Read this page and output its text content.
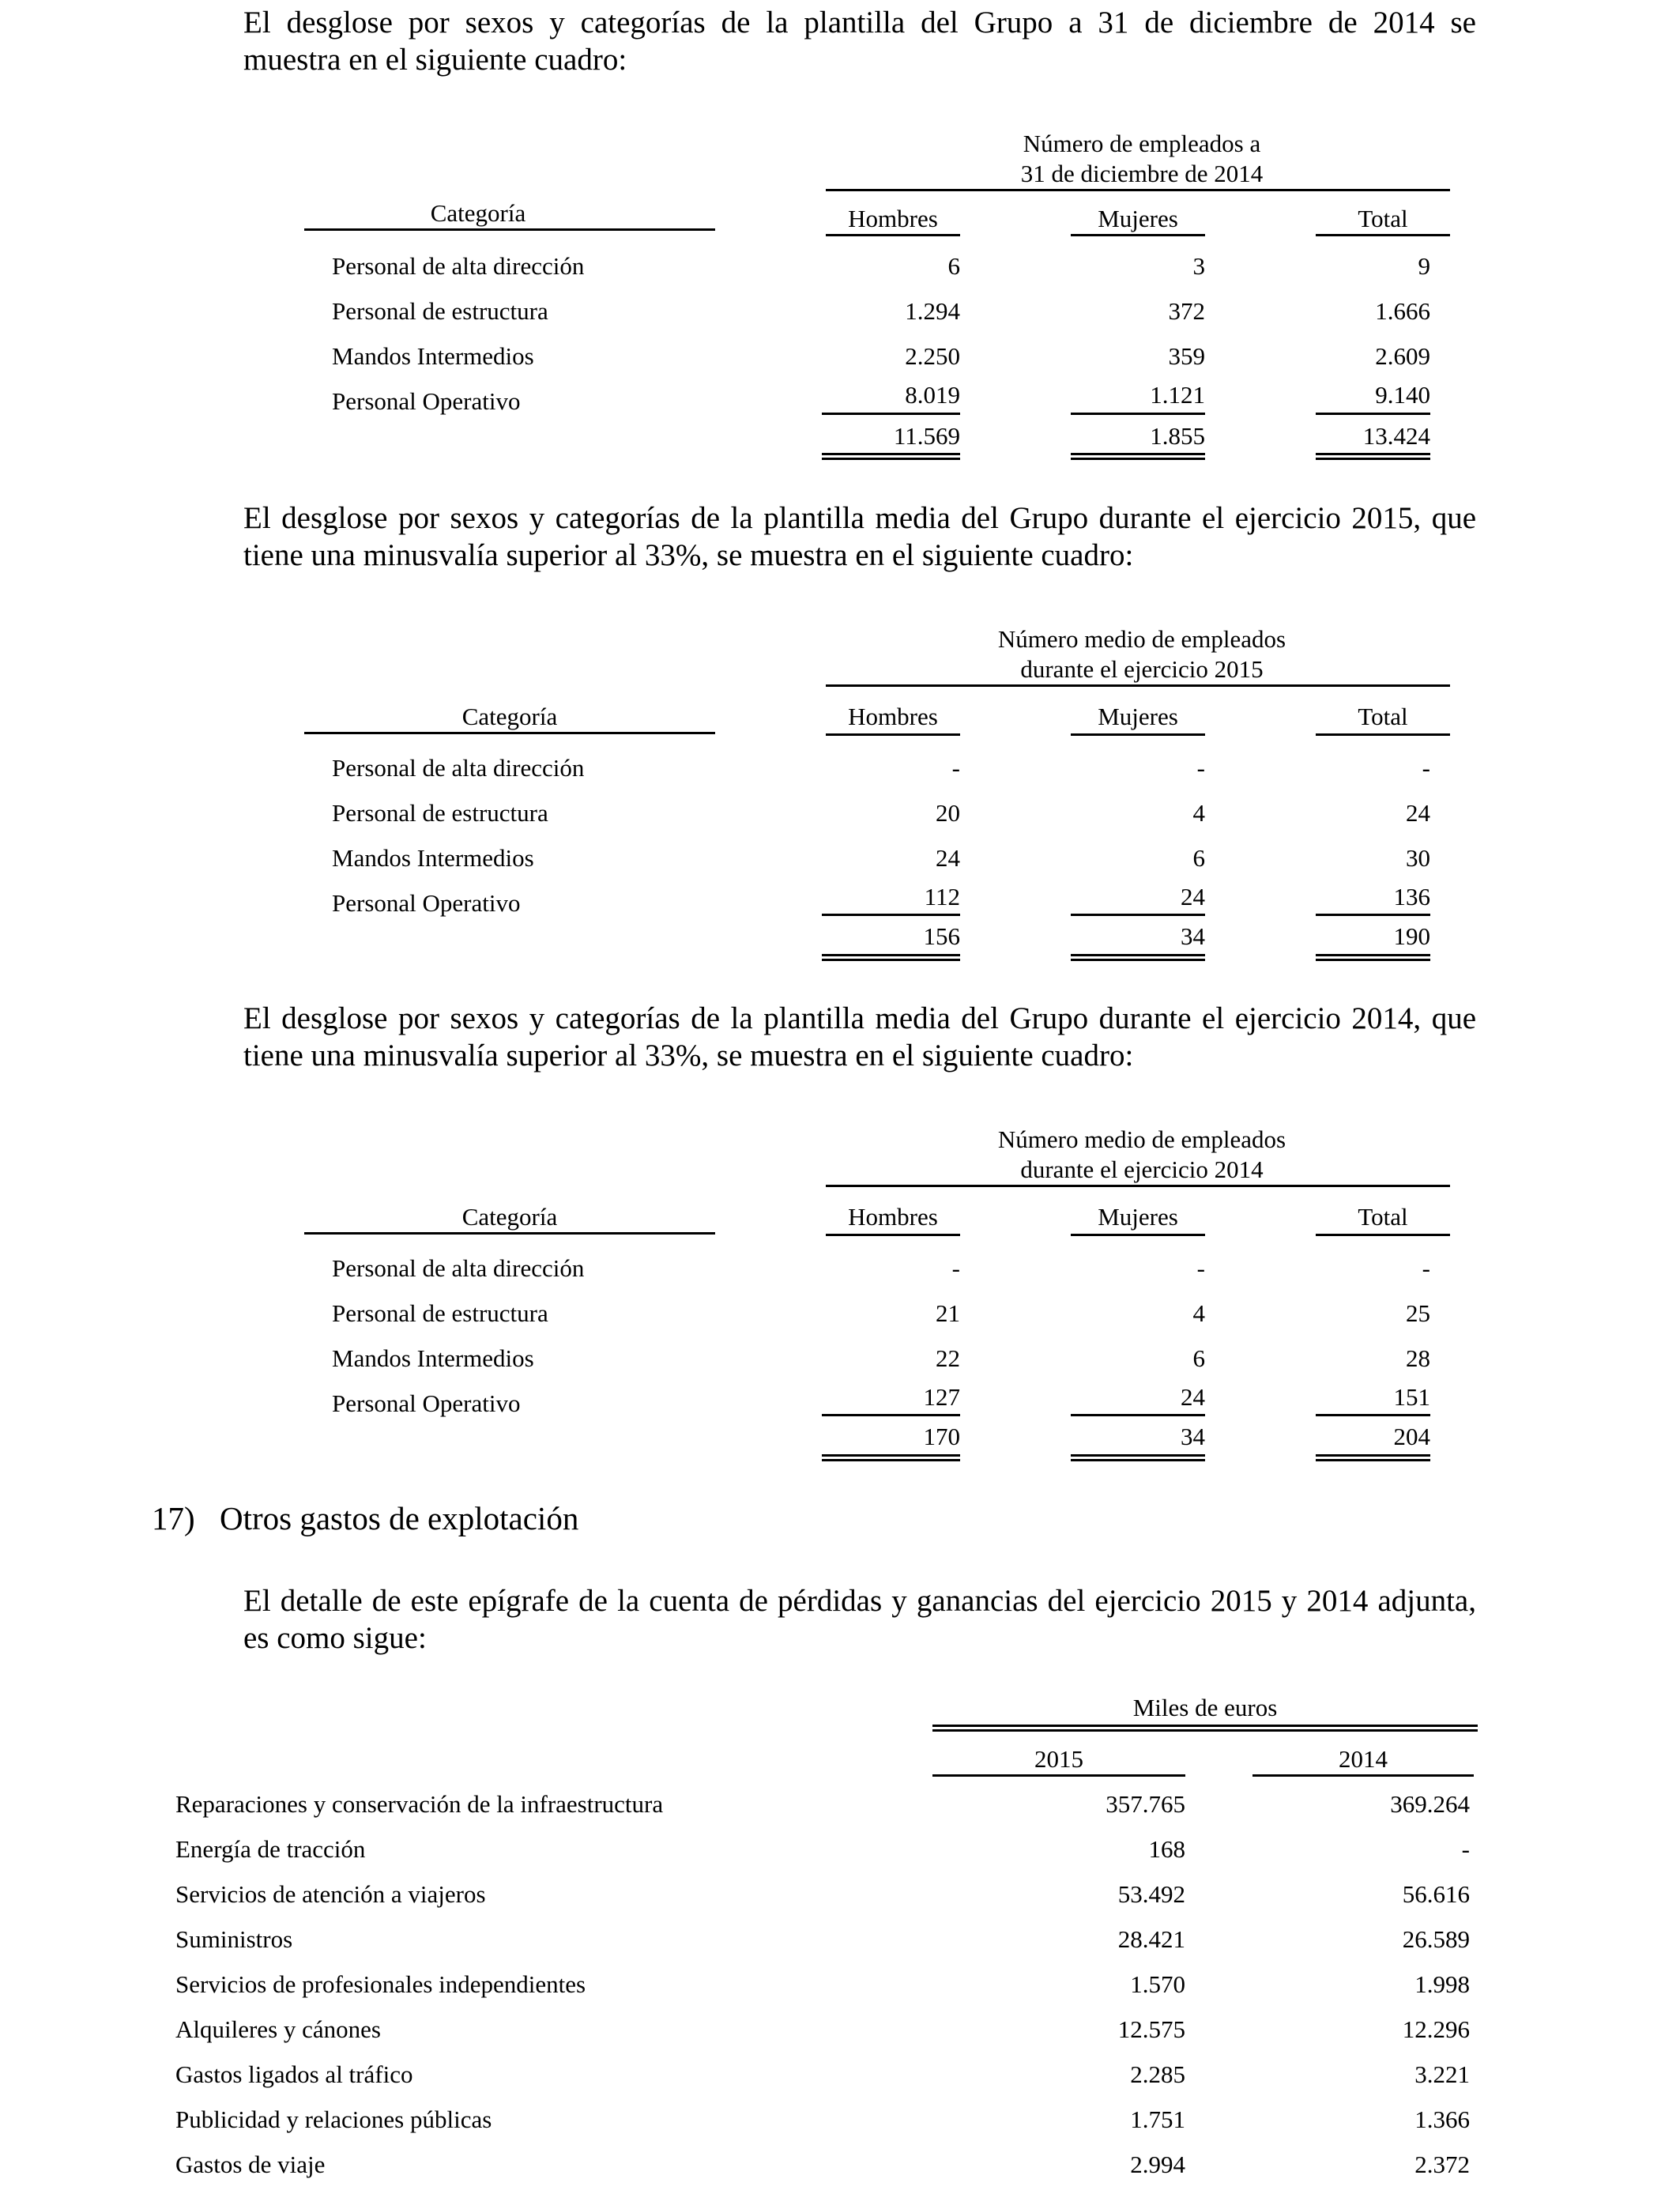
El desglose por sexos y categorías de la plantilla del Grupo a 31 de diciembre de 2014 se
muestra en el siguiente cuadro:
Número de empleados a
31 de diciembre de 2014
Categoría	Hombres	Mujeres	Total
Personal de alta dirección	6	3	9
Personal de estructura	1.294	372	1.666
Mandos Intermedios	2.250	359	2.609
Personal Operativo	8.019	1.121	9.140
11.569	1.855	13.424
El desglose por sexos y categorías de la plantilla media del Grupo durante el ejercicio 2015, que
tiene una minusvalía superior al 33%, se muestra en el siguiente cuadro:
Número medio de empleados
durante el ejercicio 2015
Categoría	Hombres	Mujeres	Total
Personal de alta dirección	-	-	-
Personal de estructura	20	4	24
Mandos Intermedios	24	6	30
Personal Operativo	112	24	136
156	34	190
El desglose por sexos y categorías de la plantilla media del Grupo durante el ejercicio 2014, que
tiene una minusvalía superior al 33%, se muestra en el siguiente cuadro:
Número medio de empleados
durante el ejercicio 2014
Categoría	Hombres	Mujeres	Total
Personal de alta dirección	-	-	-
Personal de estructura	21	4	25
Mandos Intermedios	22	6	28
Personal Operativo	127	24	151
170	34	204
17) Otros gastos de explotación
El detalle de este epígrafe de la cuenta de pérdidas y ganancias del ejercicio 2015 y 2014 adjunta,
es como sigue:
Miles de euros
2015	2014
Reparaciones y conservación de la infraestructura	357.765	369.264
Energía de tracción	168	-
Servicios de atención a viajeros	53.492	56.616
Suministros	28.421	26.589
Servicios de profesionales independientes	1.570	1.998
Alquileres y cánones	12.575	12.296
Gastos ligados al tráfico	2.285	3.221
Publicidad y relaciones públicas	1.751	1.366
Gastos de viaje	2.994	2.372
